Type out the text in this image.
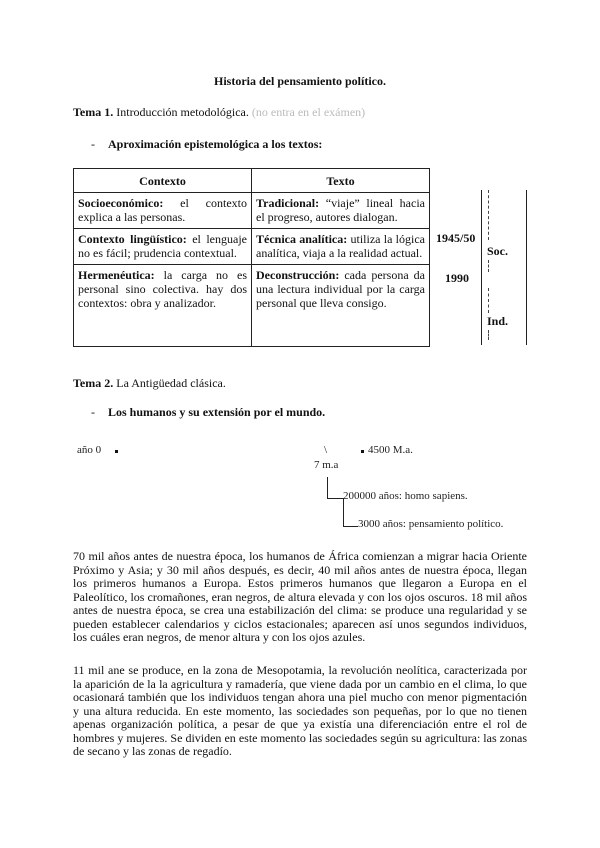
Historia del pensamiento político.
Tema 1. Introducción metodológica. (no entra en el exámen)
- Aproximación epistemológica a los textos:
Contexto	Texto
Socioeconómico: el contexto explica a las personas.	Tradicional: “viaje” lineal hacia el progreso, autores dialogan.
Contexto lingüístico: el lenguaje no es fácil; prudencia contextual.	Técnica analítica: utiliza la lógica analítica, viaja a la realidad actual.
Hermenéutica: la carga no es personal sino colectiva. hay dos contextos: obra y analizador.	Deconstrucción: cada persona da una lectura individual por la carga personal que lleva consigo.
1945/50
1990
Soc.
Ind.
Tema 2. La Antigüedad clásica.
- Los humanos y su extensión por el mundo.
año 0	\	4500 M.a.
7 m.a
200000 años: homo sapiens.
3000 años: pensamiento político.
70 mil años antes de nuestra época, los humanos de África comienzan a migrar hacia Oriente Próximo y Asia; y 30 mil años después, es decir, 40 mil años antes de nuestra época, llegan los primeros humanos a Europa. Estos primeros humanos que llegaron a Europa en el Paleolítico, los cromañones, eran negros, de altura elevada y con los ojos oscuros. 18 mil años antes de nuestra época, se crea una estabilización del clima: se produce una regularidad y se pueden establecer calendarios y ciclos estacionales; aparecen así unos segundos individuos, los cuáles eran negros, de menor altura y con los ojos azules.
11 mil ane se produce, en la zona de Mesopotamia, la revolución neolítica, caracterizada por la aparición de la la agricultura y ramadería, que viene dada por un cambio en el clima, lo que ocasionará también que los individuos tengan ahora una piel mucho con menor pigmentación y una altura reducida. En este momento, las sociedades son pequeñas, por lo que no tienen apenas organización política, a pesar de que ya existía una diferenciación entre el rol de hombres y mujeres. Se dividen en este momento las sociedades según su agricultura: las zonas de secano y las zonas de regadío.
